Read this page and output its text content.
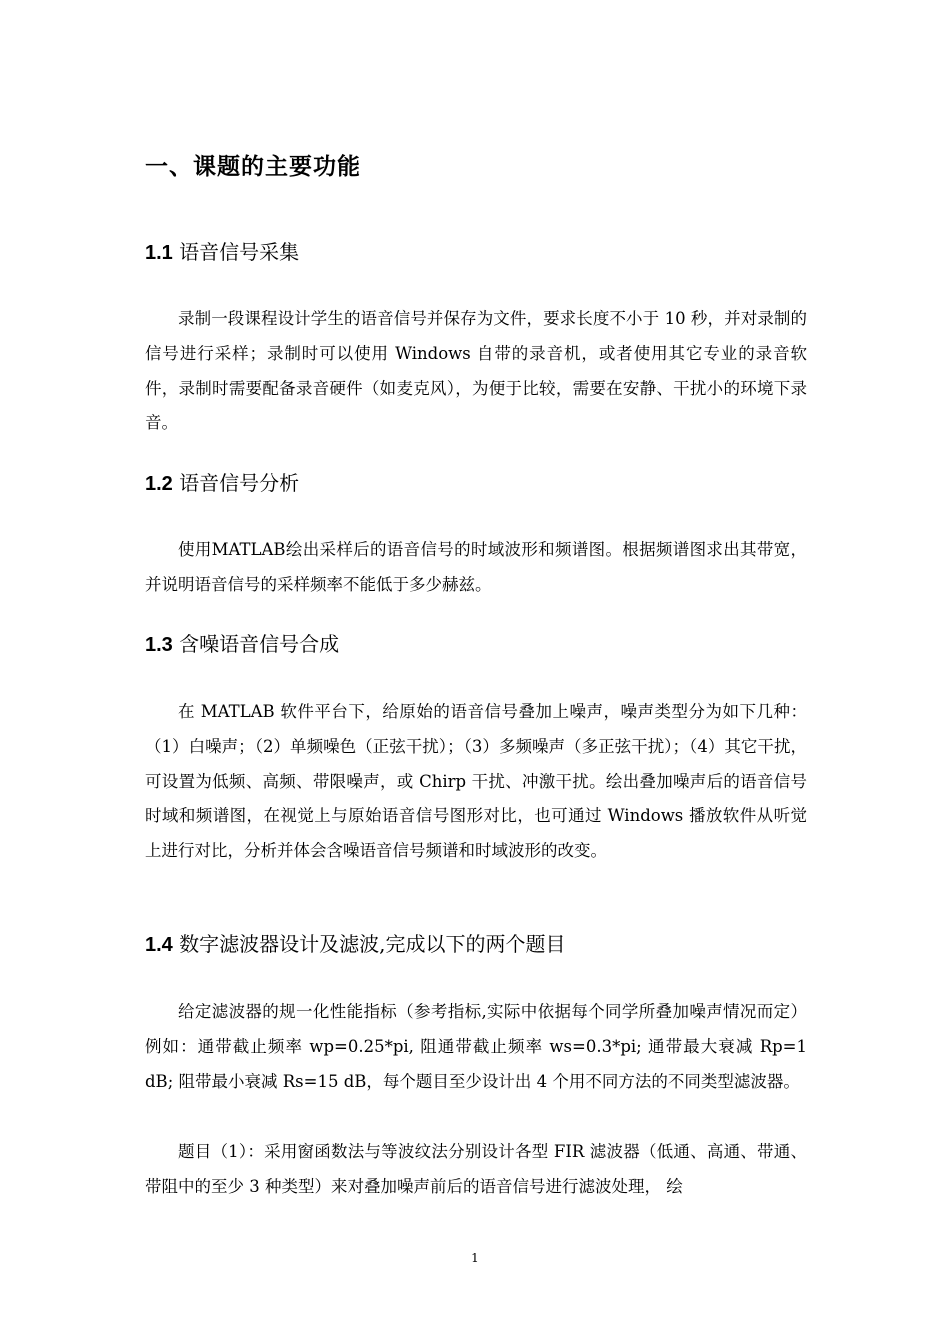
一、课题的主要功能
1.1 语音信号采集

录制一段课程设计学生的语音信号并保存为文件，要求长度不小于 10 秒，并对录制的信号进行采样；录制时可以使用 Windows 自带的录音机，或者使用其它专业的录音软件，录制时需要配备录音硬件（如麦克风），为便于比较，需要在安静、干扰小的环境下录音。

1.2 语音信号分析

使用MATLAB绘出采样后的语音信号的时域波形和频谱图。根据频谱图求出其带宽，并说明语音信号的采样频率不能低于多少赫兹。

1.3 含噪语音信号合成

在 MATLAB 软件平台下，给原始的语音信号叠加上噪声，噪声类型分为如下几种：（1）白噪声；（2）单频噪色（正弦干扰）；（3）多频噪声（多正弦干扰）；（4）其它干扰，可设置为低频、高频、带限噪声，或 Chirp 干扰、冲激干扰。绘出叠加噪声后的语音信号时域和频谱图，在视觉上与原始语音信号图形对比，也可通过 Windows 播放软件从听觉上进行对比，分析并体会含噪语音信号频谱和时域波形的改变。

1.4 数字滤波器设计及滤波,完成以下的两个题目

给定滤波器的规一化性能指标（参考指标,实际中依据每个同学所叠加噪声情况而定）例如：通带截止频率 wp=0.25*pi, 阻通带截止频率 ws=0.3*pi; 通带最大衰减 Rp=1 dB; 阻带最小衰减 Rs=15 dB，每个题目至少设计出 4 个用不同方法的不同类型滤波器。

题目（1）：采用窗函数法与等波纹法分别设计各型 FIR 滤波器（低通、高通、带通、带阻中的至少 3 种类型）来对叠加噪声前后的语音信号进行滤波处理， 绘

1
